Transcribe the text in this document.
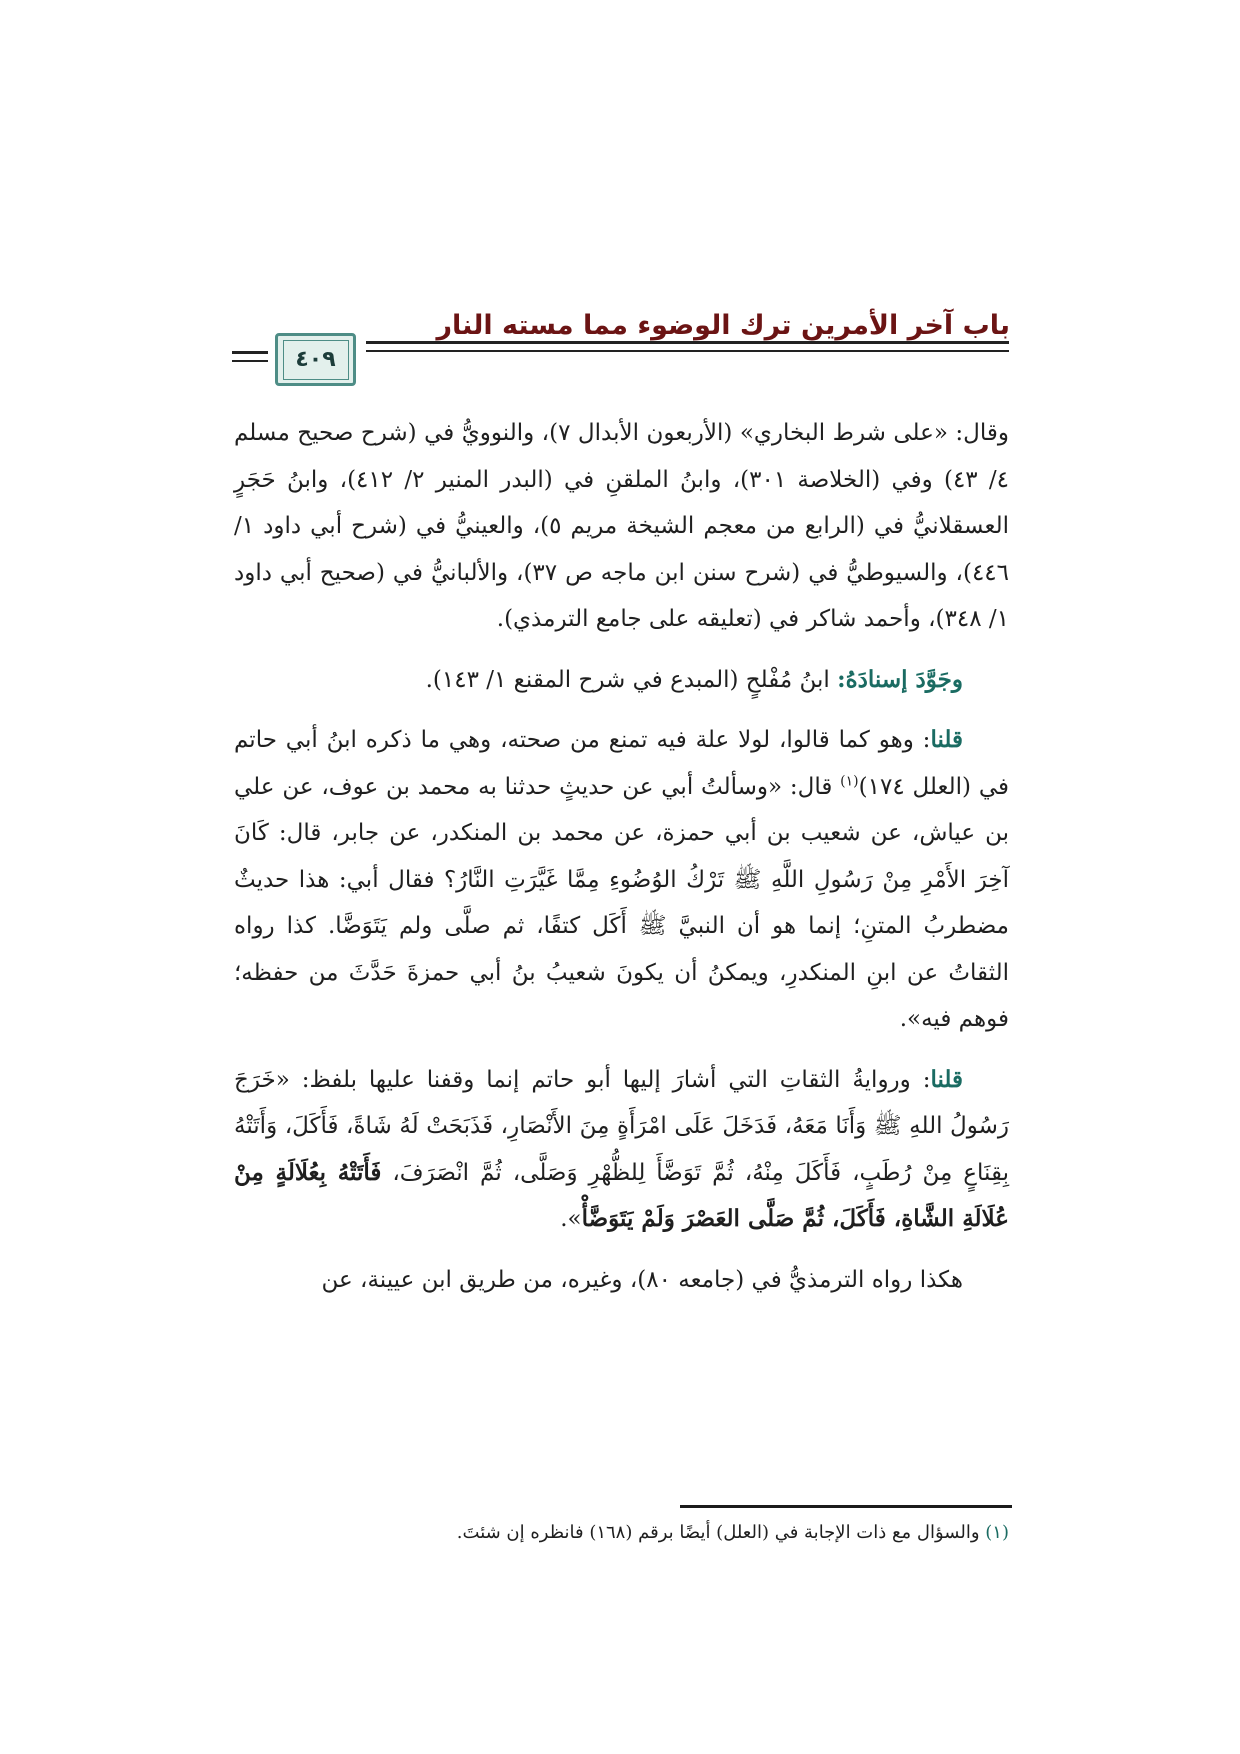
باب آخر الأمرين ترك الوضوء مما مسته النار
٤٠٩

وقال: «على شرط البخاري» (الأربعون الأبدال ٧)، والنوويُّ في (شرح صحيح مسلم ٤/ ٤٣) وفي (الخلاصة ٣٠١)، وابنُ الملقنِ في (البدر المنير ٢/ ٤١٢)، وابنُ حَجَرٍ العسقلانيُّ في (الرابع من معجم الشيخة مريم ٥)، والعينيُّ في (شرح أبي داود ١/ ٤٤٦)، والسيوطيُّ في (شرح سنن ابن ماجه ص ٣٧)، والألبانيُّ في (صحيح أبي داود ١/ ٣٤٨)، وأحمد شاكر في (تعليقه على جامع الترمذي).

وجَوَّدَ إسنادَهُ: ابنُ مُفْلحٍ (المبدع في شرح المقنع ١/ ١٤٣).

قلنا: وهو كما قالوا، لولا علة فيه تمنع من صحته، وهي ما ذكره ابنُ أبي حاتم في (العلل ١٧٤)$^{(١)}$ قال: «وسألتُ أبي عن حديثٍ حدثنا به محمد بن عوف، عن علي بن عياش، عن شعيب بن أبي حمزة، عن محمد بن المنكدر، عن جابر، قال: كَانَ آخِرَ الأَمْرِ مِنْ رَسُولِ اللَّهِ ﷺ تَرْكُ الوُضُوءِ مِمَّا غَيَّرَتِ النَّارُ؟ فقال أبي: هذا حديثٌ مضطربُ المتنِ؛ إنما هو أن النبيَّ ﷺ أَكَل كتفًا، ثم صلَّى ولم يَتَوَضَّا. كذا رواه الثقاتُ عن ابنِ المنكدرِ، ويمكنُ أن يكونَ شعيبُ بنُ أبي حمزةَ حَدَّثَ من حفظه؛ فوهم فيه».

قلنا: وروايةُ الثقاتِ التي أشارَ إليها أبو حاتم إنما وقفنا عليها بلفظ: «خَرَجَ رَسُولُ اللهِ ﷺ وَأَنَا مَعَهُ، فَدَخَلَ عَلَى امْرَأَةٍ مِنَ الأَنْصَارِ، فَذَبَحَتْ لَهُ شَاةً، فَأَكَلَ، وَأَتَتْهُ بِقِنَاعٍ مِنْ رُطَبٍ، فَأَكَلَ مِنْهُ، ثُمَّ تَوَضَّأَ لِلظُّهْرِ وَصَلَّى، ثُمَّ انْصَرَفَ، فَأَتَتْهُ بِعُلَالَةٍ مِنْ عُلَالَةِ الشَّاةِ، فَأَكَلَ، ثُمَّ صَلَّى العَصْرَ وَلَمْ يَتَوَضَّأْ».

هكذا رواه الترمذيُّ في (جامعه ٨٠)، وغيره، من طريق ابن عيينة، عن

(١) والسؤال مع ذات الإجابة في (العلل) أيضًا برقم (١٦٨) فانظره إن شئتَ.
